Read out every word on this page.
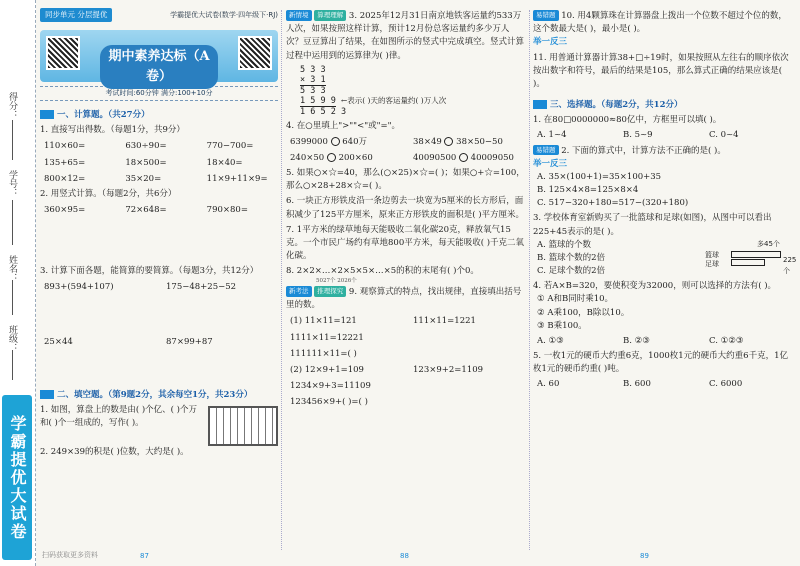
得分：
学号：
姓名：
班级：
学霸提优大试卷
同步单元 分层提优	学霸提优大试卷(数学·四年级下·RJ)
期中素养达标（A卷）
考试时间:60分钟 满分:100+10分
一、计算题。（共27分）
1. 直接写出得数。（每题1分，共9分）
110×60=	630÷90=	770−700=
135+65=	18×500=	18×40=
800×12=	35×20=	11×9+11×9=
2. 用竖式计算。（每题2分，共6分）
360×95=	72×648=	790×80=
3. 计算下面各题，能简算的要简算。（每题3分，共12分）
893+(594+107)	175−48+25−52
25×44	87×99+87
二、填空题。（第9题2分，其余每空1分，共23分）
1. 如图，算盘上的数是由( )个亿、( )个万和( )个一组成的，写作( )。
2. 249×39的积是( )位数，大约是( )。
87
扫码获取更多资料
新情境 算理理解 3. 2025年12月31日南京地铁客运量约533万人次，如果按照这样计算，预计12月份总客运量约多少万人次？豆豆算出了结果，在如图所示的竖式中完成填空。竖式计算过程中运用到的运算律为( )律。
5 3 3
× 3 1
5 3 3
1 5 9 9 ←表示( )天的客运量约( )万人次
1 6 5 2 3
4. 在○里填上">""<"或"="。
6399000 640万	38×49 38×50−50
240×50 200×60	40090500 40009050
5. 如果○×☆=40，那么(○×25)×☆=( )；如果○+☆=100，那么○×28+28×☆=( )。
6. 一块正方形铁皮沿一条边剪去一块宽为5厘米的长方形后，面积减少了125平方厘米，原来正方形铁皮的面积是( )平方厘米。
7. 1平方米的绿草地每天能吸收二氧化碳20克，释放氧气15克。一个市民广场约有草地800平方米，每天能吸收( )千克二氧化碳。
8. 2×2×…×2×5×5×…×5的积的末尾有( )个0。
5027个 2026个
新考法 推理探究 9. 观察算式的特点，找出规律，直接填出括号里的数。
(1) 11×11=121	111×11=1221
1111×11=12221
111111×11=( )
(2) 12×9+1=109	123×9+2=1109
1234×9+3=11109
123456×9+( )=( )
88
易错题 10. 用4颗算珠在计算器盘上拨出一个位数不超过个位的数，这个数最大是( )，最小是( )。
举一反三
11. 用普通计算器计算38+□÷19时，如果按照从左往右的顺序依次按出数字和符号，最后的结果是105，那么算式正确的结果应该是( )。
三、选择题。（每题2分，共12分）
1. 在80□0000000≈80亿中，方框里可以填( )。
A. 1~4	B. 5~9	C. 0~4
易错题 2. 下面的算式中，计算方法不正确的是( )。
举一反三
A. 35×(100+1)=35×100+35
B. 125×4×8=125×8×4
C. 517−320+180=517−(320+180)
3. 学校体育室新购买了一批篮球和足球(如图)，从图中可以看出225+45表示的是( )。
多45个
篮球
足球	225个
A. 篮球的个数
B. 篮球个数的2倍
C. 足球个数的2倍
4. 若A×B=320，要使积变为32000，则可以选择的方法有( )。
① A和B同时乘10。
② A乘100，B除以10。
③ B乘100。
A. ①③	B. ②③	C. ①②③
5. 一枚1元的硬币大约重6克，1000枚1元的硬币大约重6千克，1亿枚1元的硬币约重( )吨。
A. 60	B. 600	C. 6000
89
